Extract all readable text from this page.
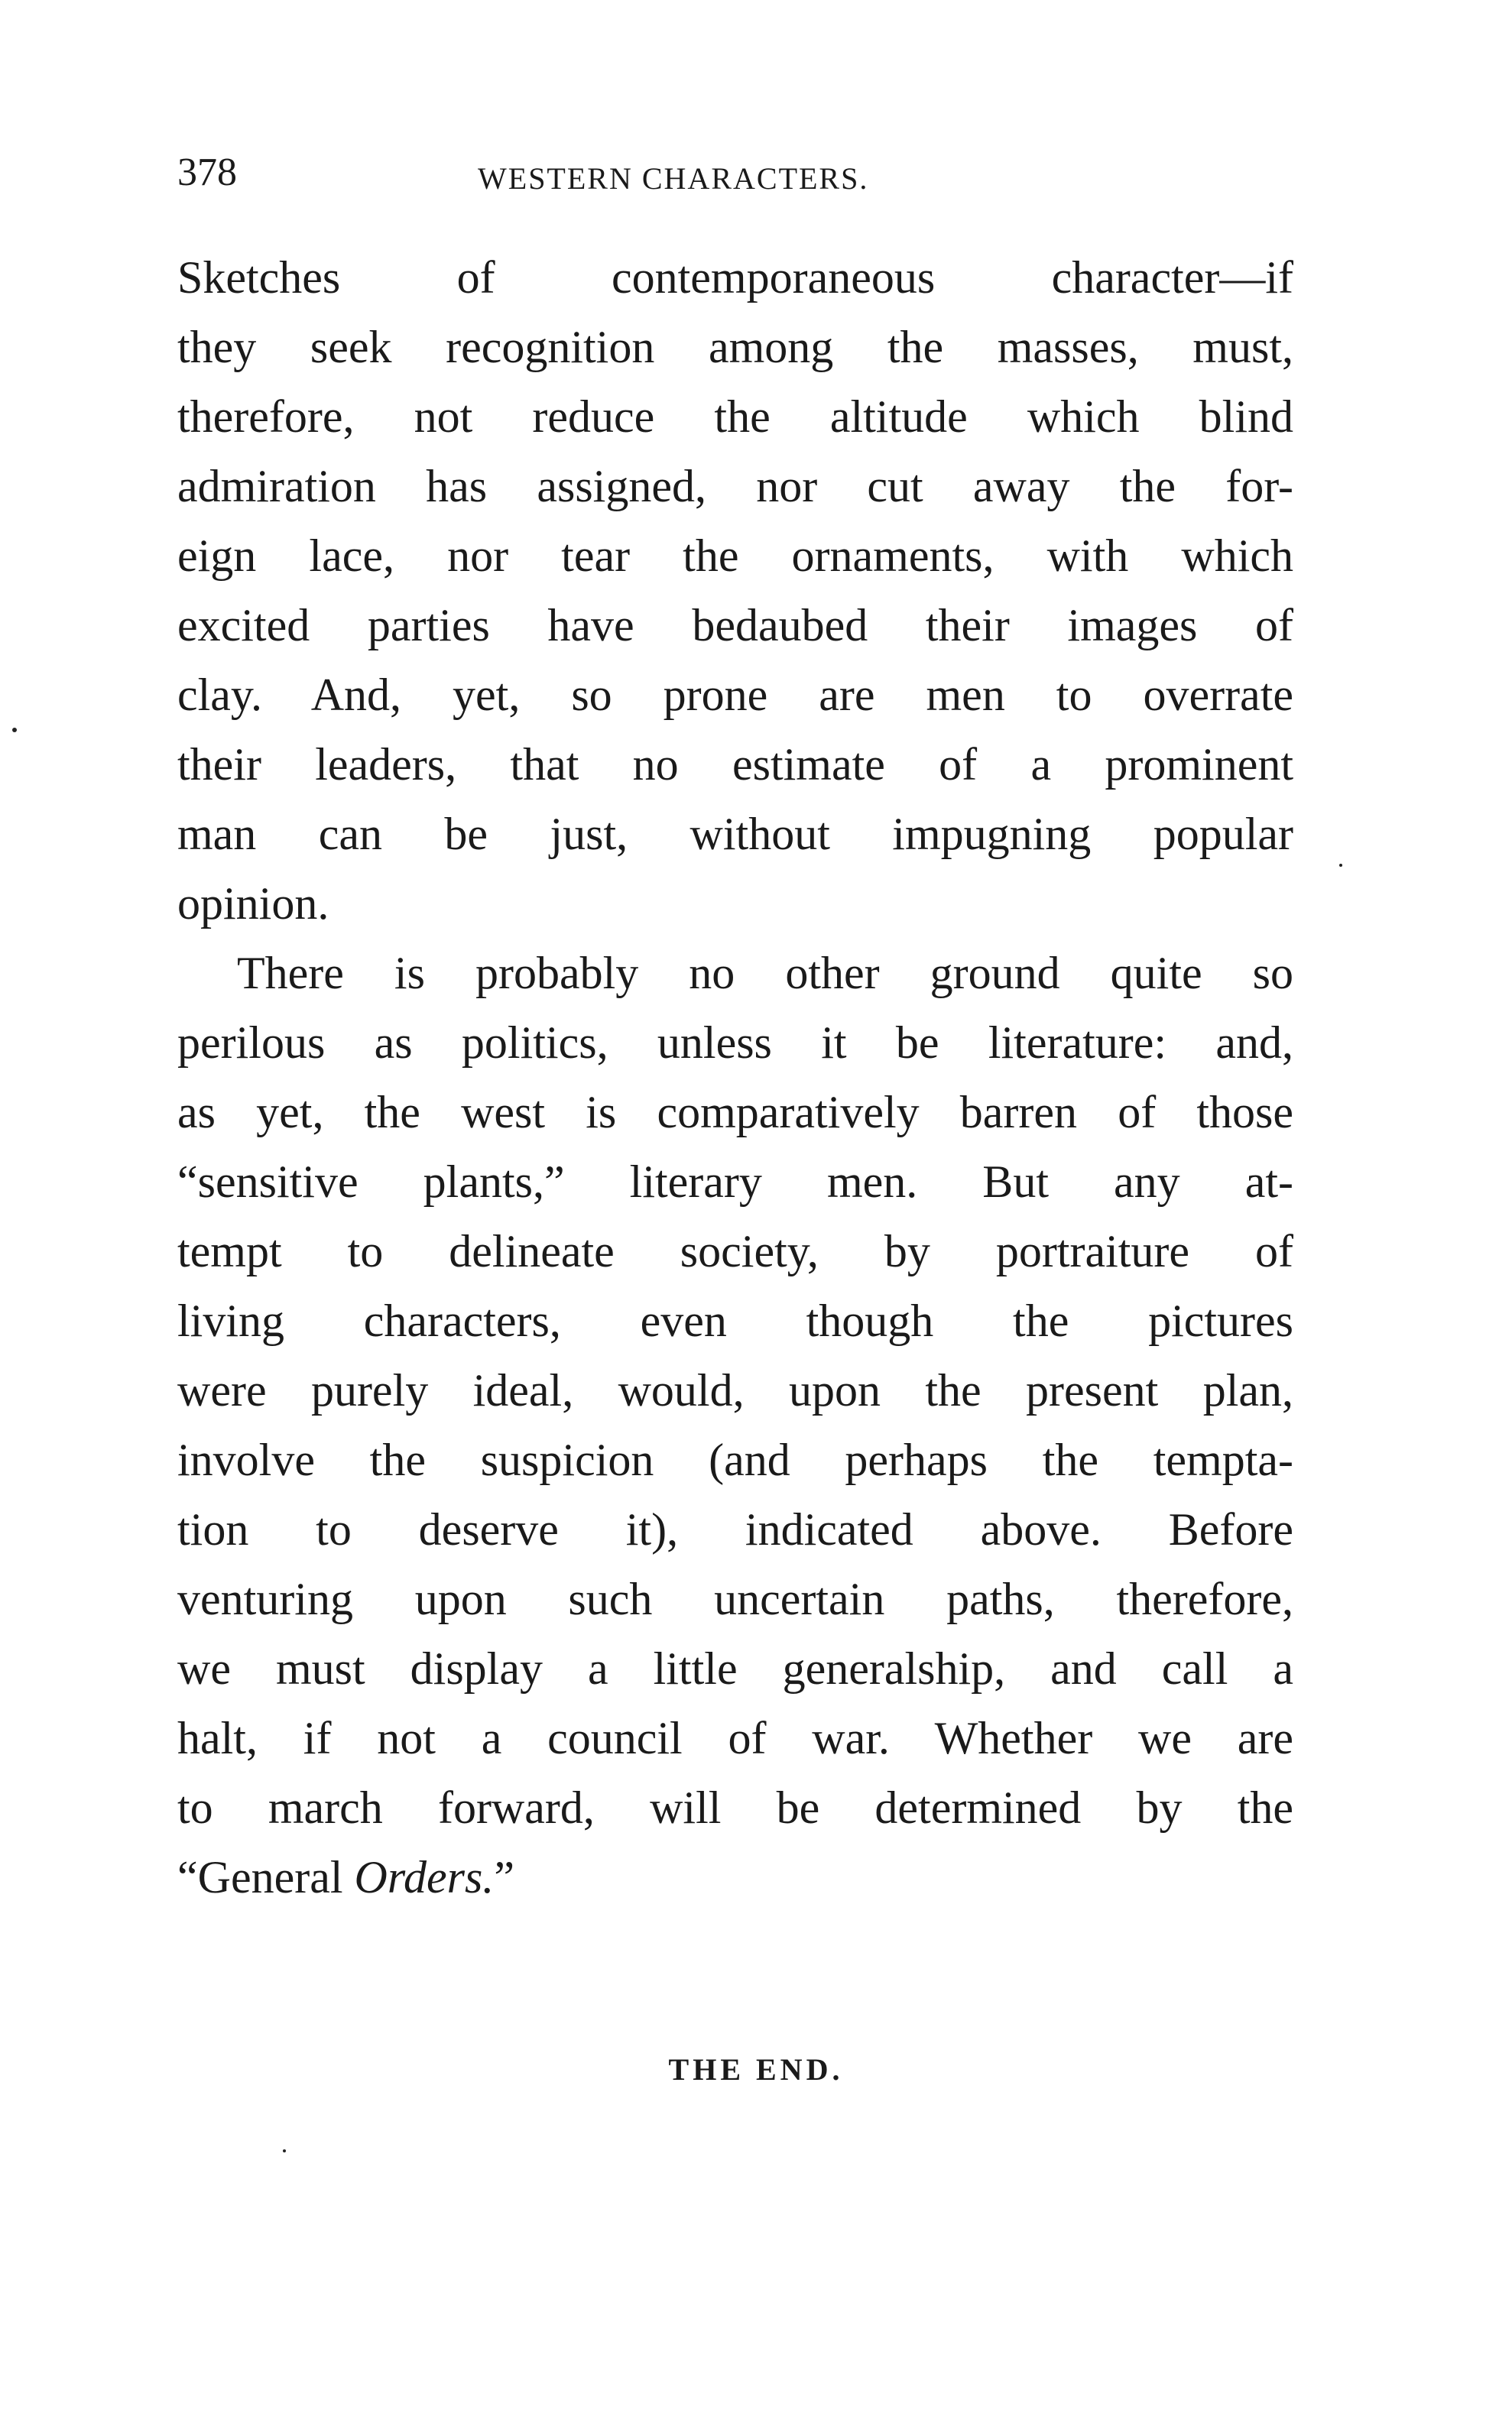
378	WESTERN CHARACTERS.
Sketches of contemporaneous character—if
they seek recognition among the masses, must,
therefore, not reduce the altitude which blind
admiration has assigned, nor cut away the for-
eign lace, nor tear the ornaments, with which
excited parties have bedaubed their images of
clay. And, yet, so prone are men to overrate
their leaders, that no estimate of a prominent
man can be just, without impugning popular
opinion.
There is probably no other ground quite so
perilous as politics, unless it be literature: and,
as yet, the west is comparatively barren of those
“sensitive plants,” literary men. But any at-
tempt to delineate society, by portraiture of
living characters, even though the pictures
were purely ideal, would, upon the present plan,
involve the suspicion (and perhaps the tempta-
tion to deserve it), indicated above. Before
venturing upon such uncertain paths, therefore,
we must display a little generalship, and call a
halt, if not a council of war. Whether we are
to march forward, will be determined by the
“General Orders.”
THE END.
